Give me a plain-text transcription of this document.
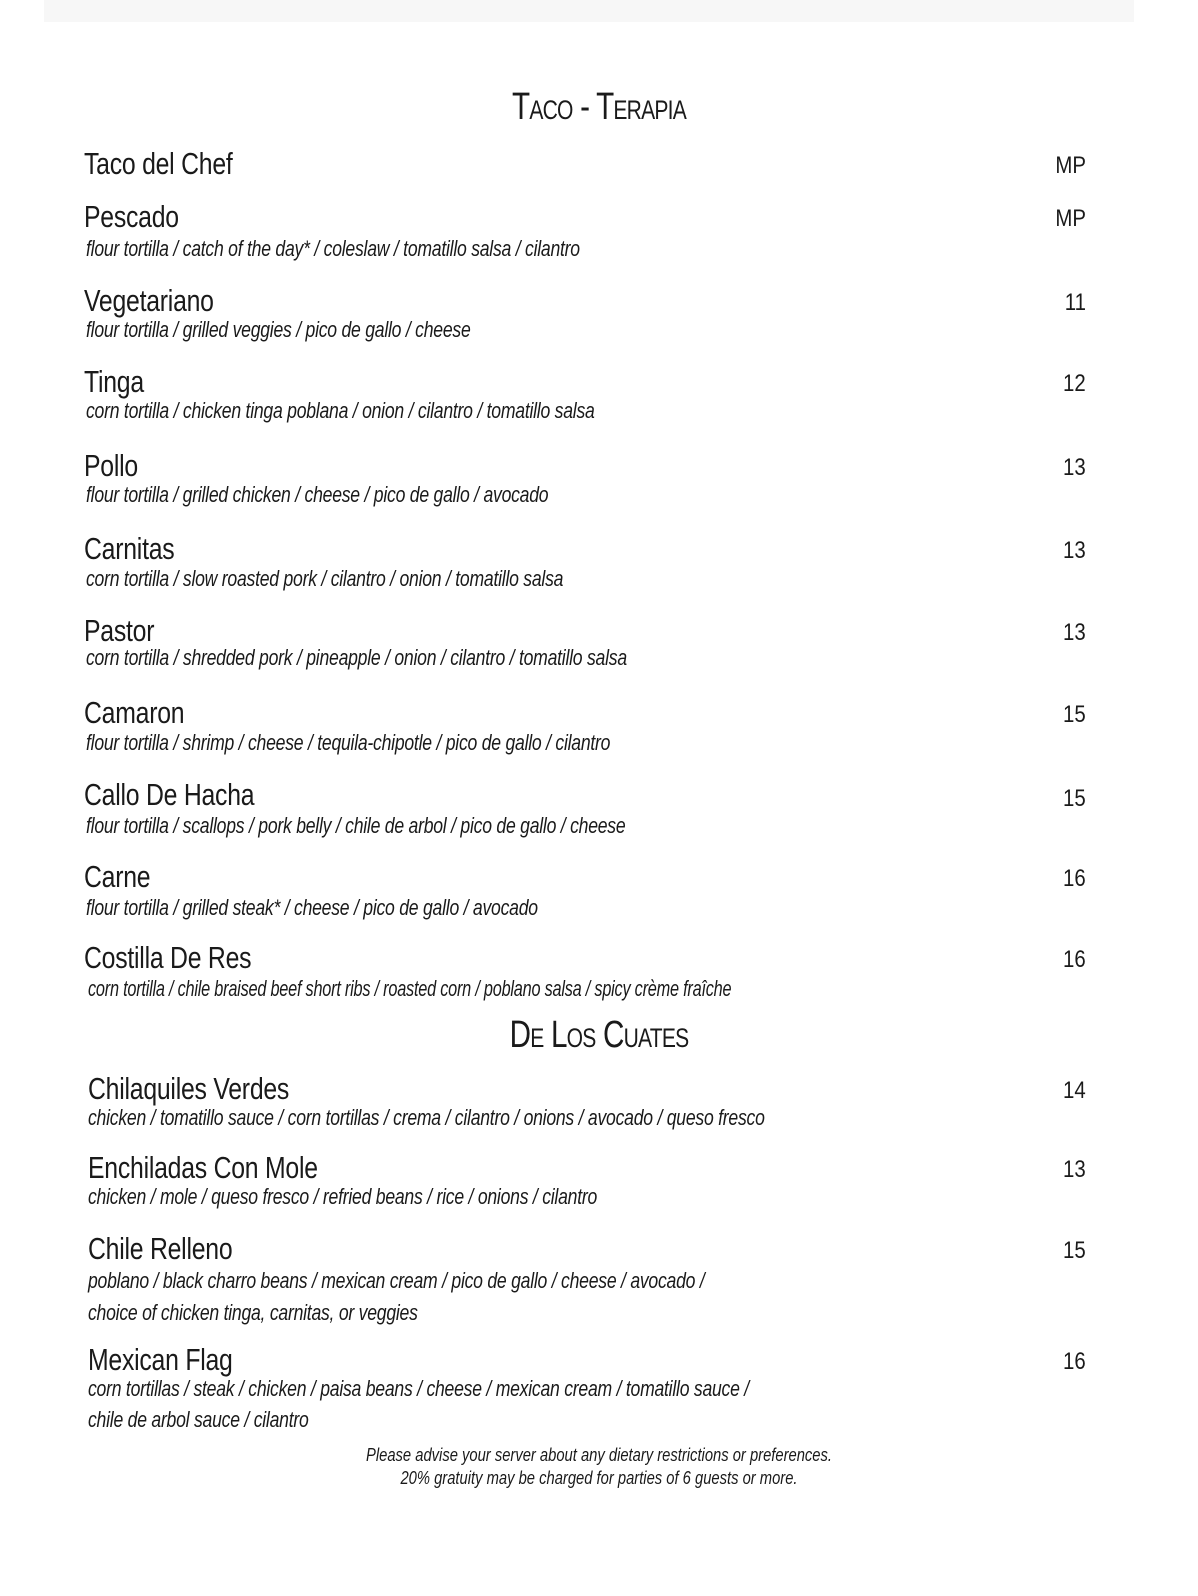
Taco - Terapia
Taco del Chef	MP
Pescado
flour tortilla / catch of the day* / coleslaw / tomatillo salsa / cilantro
MP
Vegetariano
flour tortilla / grilled veggies / pico de gallo / cheese
11
Tinga
corn tortilla / chicken tinga poblana / onion / cilantro / tomatillo salsa
12
Pollo
flour tortilla / grilled chicken / cheese / pico de gallo / avocado
13
Carnitas
corn tortilla / slow roasted pork / cilantro / onion / tomatillo salsa
13
Pastor
corn tortilla / shredded pork / pineapple / onion / cilantro / tomatillo salsa
13
Camaron
flour tortilla / shrimp / cheese / tequila-chipotle / pico de gallo / cilantro
15
Callo De Hacha
flour tortilla / scallops / pork belly / chile de arbol / pico de gallo / cheese
15
Carne
flour tortilla / grilled steak* / cheese / pico de gallo / avocado
16
Costilla De Res
corn tortilla / chile braised beef short ribs / roasted corn / poblano salsa / spicy crème fraîche
16
De Los Cuates
Chilaquiles Verdes
chicken / tomatillo sauce / corn tortillas / crema / cilantro / onions / avocado / queso fresco
14
Enchiladas Con Mole
chicken / mole / queso fresco / refried beans / rice / onions / cilantro
13
Chile Relleno
poblano / black charro beans / mexican cream / pico de gallo / cheese / avocado /
choice of chicken tinga, carnitas, or veggies
15
Mexican Flag
corn tortillas / steak / chicken / paisa beans / cheese / mexican cream / tomatillo sauce /
chile de arbol sauce / cilantro
16
Please advise your server about any dietary restrictions or preferences.
20% gratuity may be charged for parties of 6 guests or more.
